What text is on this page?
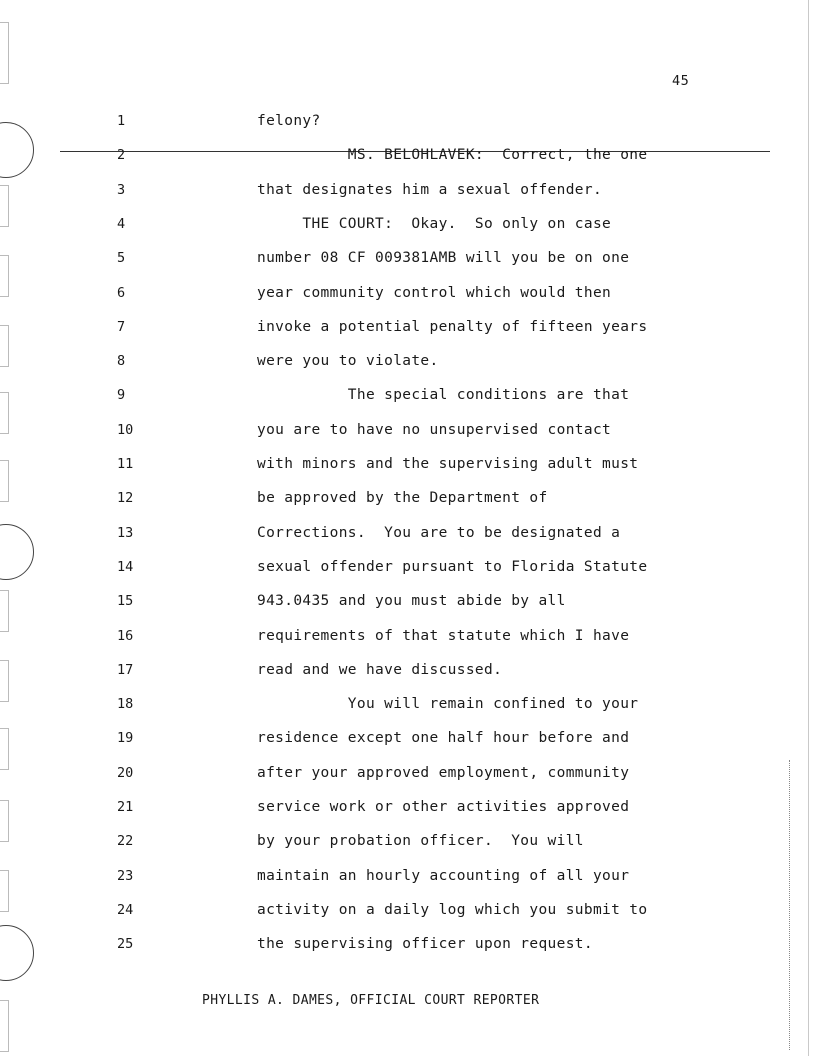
45
1	felony?
2	MS. BELOHLAVEK:  Correct, the one
3	that designates him a sexual offender.
4	THE COURT:  Okay.  So only on case
5	number 08 CF 009381AMB will you be on one
6	year community control which would then
7	invoke a potential penalty of fifteen years
8	were you to violate.
9	The special conditions are that
10	you are to have no unsupervised contact
11	with minors and the supervising adult must
12	be approved by the Department of
13	Corrections.  You are to be designated a
14	sexual offender pursuant to Florida Statute
15	943.0435 and you must abide by all
16	requirements of that statute which I have
17	read and we have discussed.
18	You will remain confined to your
19	residence except one half hour before and
20	after your approved employment, community
21	service work or other activities approved
22	by your probation officer.  You will
23	maintain an hourly accounting of all your
24	activity on a daily log which you submit to
25	the supervising officer upon request.
PHYLLIS A. DAMES, OFFICIAL COURT REPORTER
